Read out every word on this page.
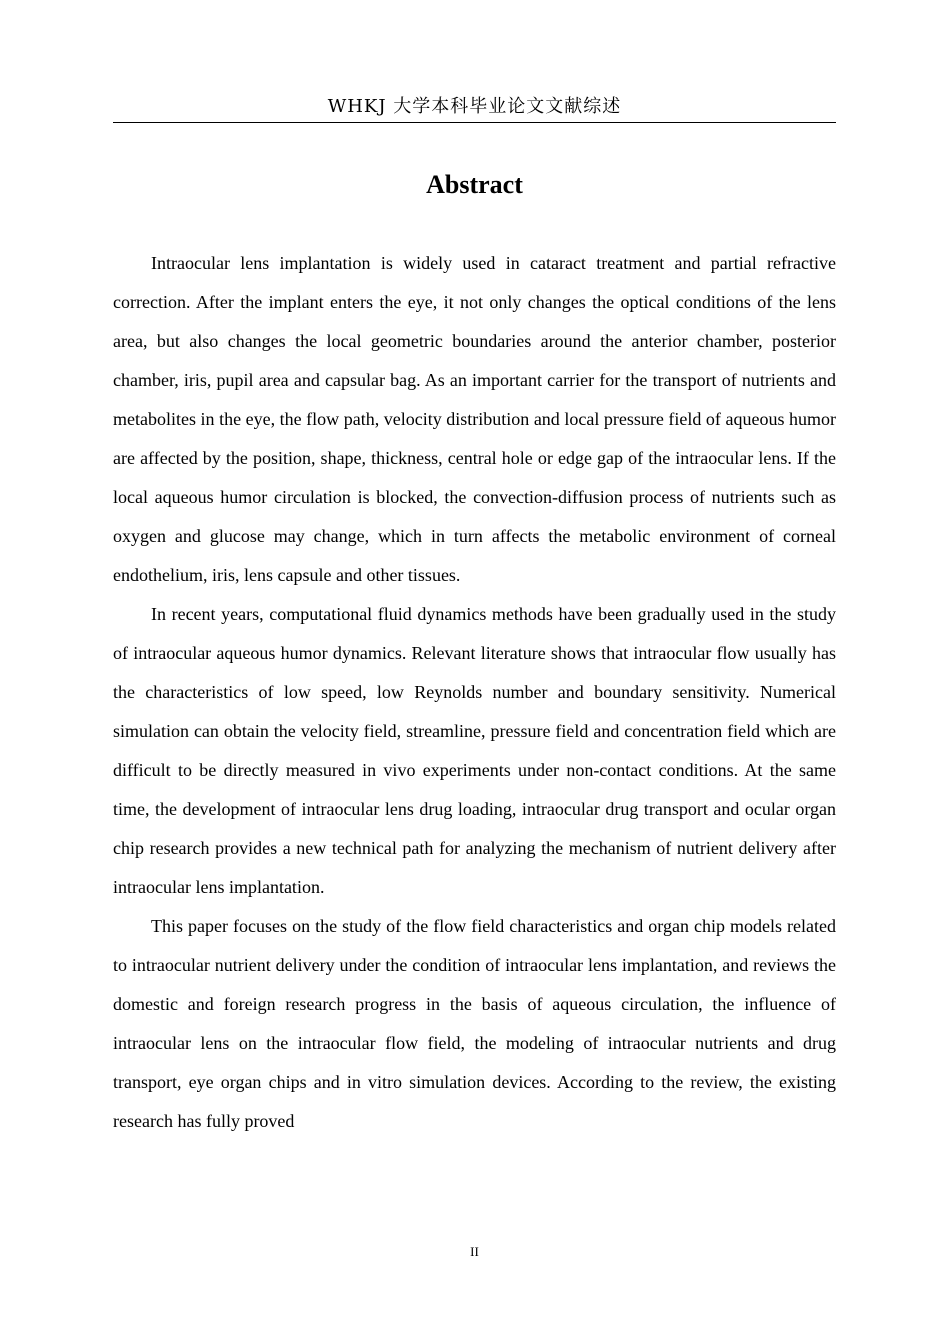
WHKJ 大学本科毕业论文文献综述
Abstract

Intraocular lens implantation is widely used in cataract treatment and partial refractive correction. After the implant enters the eye, it not only changes the optical conditions of the lens area, but also changes the local geometric boundaries around the anterior chamber, posterior chamber, iris, pupil area and capsular bag. As an important carrier for the transport of nutrients and metabolites in the eye, the flow path, velocity distribution and local pressure field of aqueous humor are affected by the position, shape, thickness, central hole or edge gap of the intraocular lens. If the local aqueous humor circulation is blocked, the convection-diffusion process of nutrients such as oxygen and glucose may change, which in turn affects the metabolic environment of corneal endothelium, iris, lens capsule and other tissues.

In recent years, computational fluid dynamics methods have been gradually used in the study of intraocular aqueous humor dynamics. Relevant literature shows that intraocular flow usually has the characteristics of low speed, low Reynolds number and boundary sensitivity. Numerical simulation can obtain the velocity field, streamline, pressure field and concentration field which are difficult to be directly measured in vivo experiments under non-contact conditions. At the same time, the development of intraocular lens drug loading, intraocular drug transport and ocular organ chip research provides a new technical path for analyzing the mechanism of nutrient delivery after intraocular lens implantation.

This paper focuses on the study of the flow field characteristics and organ chip models related to intraocular nutrient delivery under the condition of intraocular lens implantation, and reviews the domestic and foreign research progress in the basis of aqueous circulation, the influence of intraocular lens on the intraocular flow field, the modeling of intraocular nutrients and drug transport, eye organ chips and in vitro simulation devices. According to the review, the existing research has fully proved

II
